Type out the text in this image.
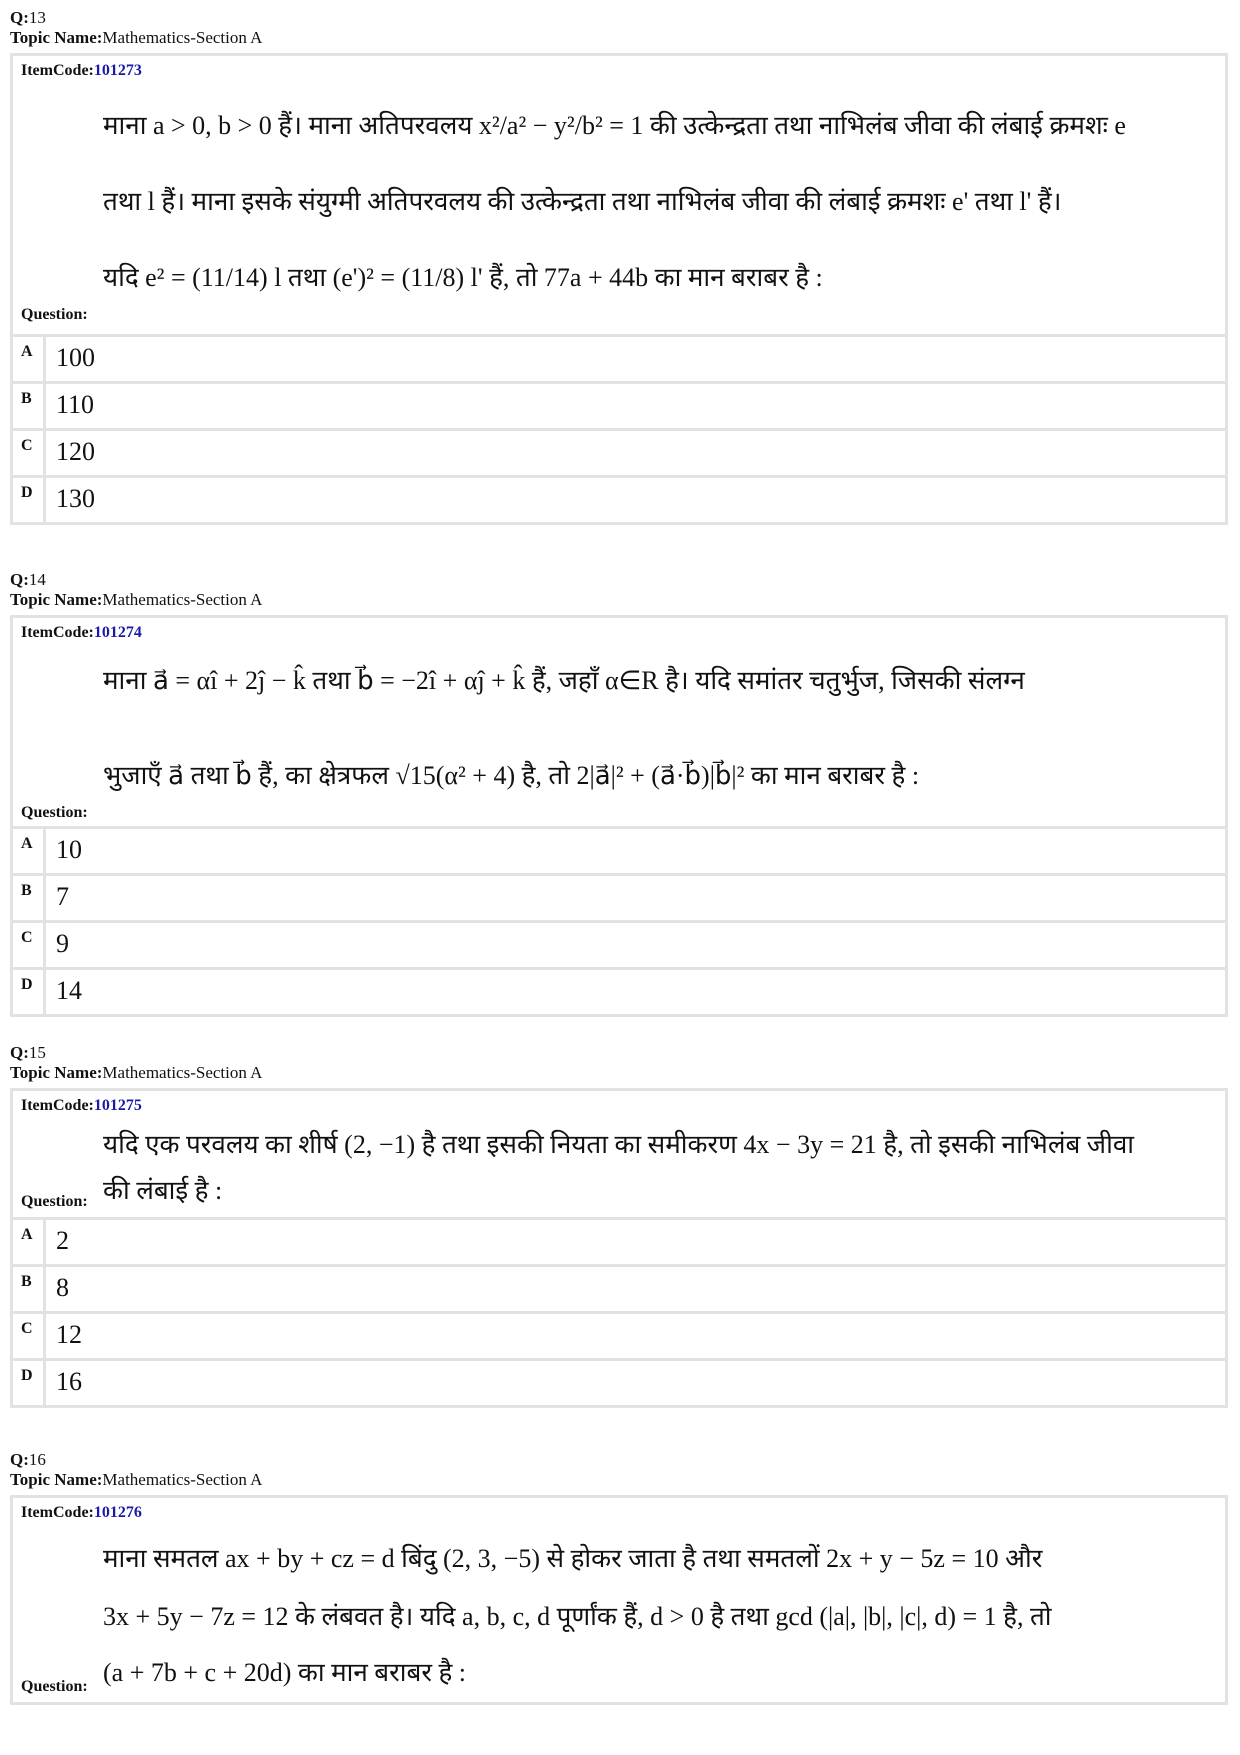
Q:13
Topic Name:Mathematics-Section A
ItemCode:101273
माना a > 0, b > 0 हैं। माना अतिपरवलय x²/a² − y²/b² = 1 की उत्केन्द्रता तथा नाभिलंब जीवा की लंबाई क्रमशः e
तथा l हैं। माना इसके संयुग्मी अतिपरवलय की उत्केन्द्रता तथा नाभिलंब जीवा की लंबाई क्रमशः e' तथा l' हैं।
यदि e² = (11/14) l तथा (e')² = (11/8) l' हैं, तो 77a + 44b का मान बराबर है :
Question:
A 100
B 110
C 120
D 130
Q:14
Topic Name:Mathematics-Section A
ItemCode:101274
माना a⃗ = αî + 2ĵ − k̂ तथा b⃗ = −2î + αĵ + k̂ हैं, जहाँ α∈R है। यदि समांतर चतुर्भुज, जिसकी संलग्न
भुजाएँ a⃗ तथा b⃗ हैं, का क्षेत्रफल √15(α² + 4) है, तो 2|a⃗|² + (a⃗·b⃗)|b⃗|² का मान बराबर है :
Question:
A 10
B 7
C 9
D 14
Q:15
Topic Name:Mathematics-Section A
ItemCode:101275
यदि एक परवलय का शीर्ष (2, −1) है तथा इसकी नियता का समीकरण 4x − 3y = 21 है, तो इसकी नाभिलंब जीवा
की लंबाई है :
Question:
A 2
B 8
C 12
D 16
Q:16
Topic Name:Mathematics-Section A
ItemCode:101276
माना समतल ax + by + cz = d बिंदु (2, 3, −5) से होकर जाता है तथा समतलों 2x + y − 5z = 10 और
3x + 5y − 7z = 12 के लंबवत है। यदि a, b, c, d पूर्णांक हैं, d > 0 है तथा gcd (|a|, |b|, |c|, d) = 1 है, तो
(a + 7b + c + 20d) का मान बराबर है :
Question:
